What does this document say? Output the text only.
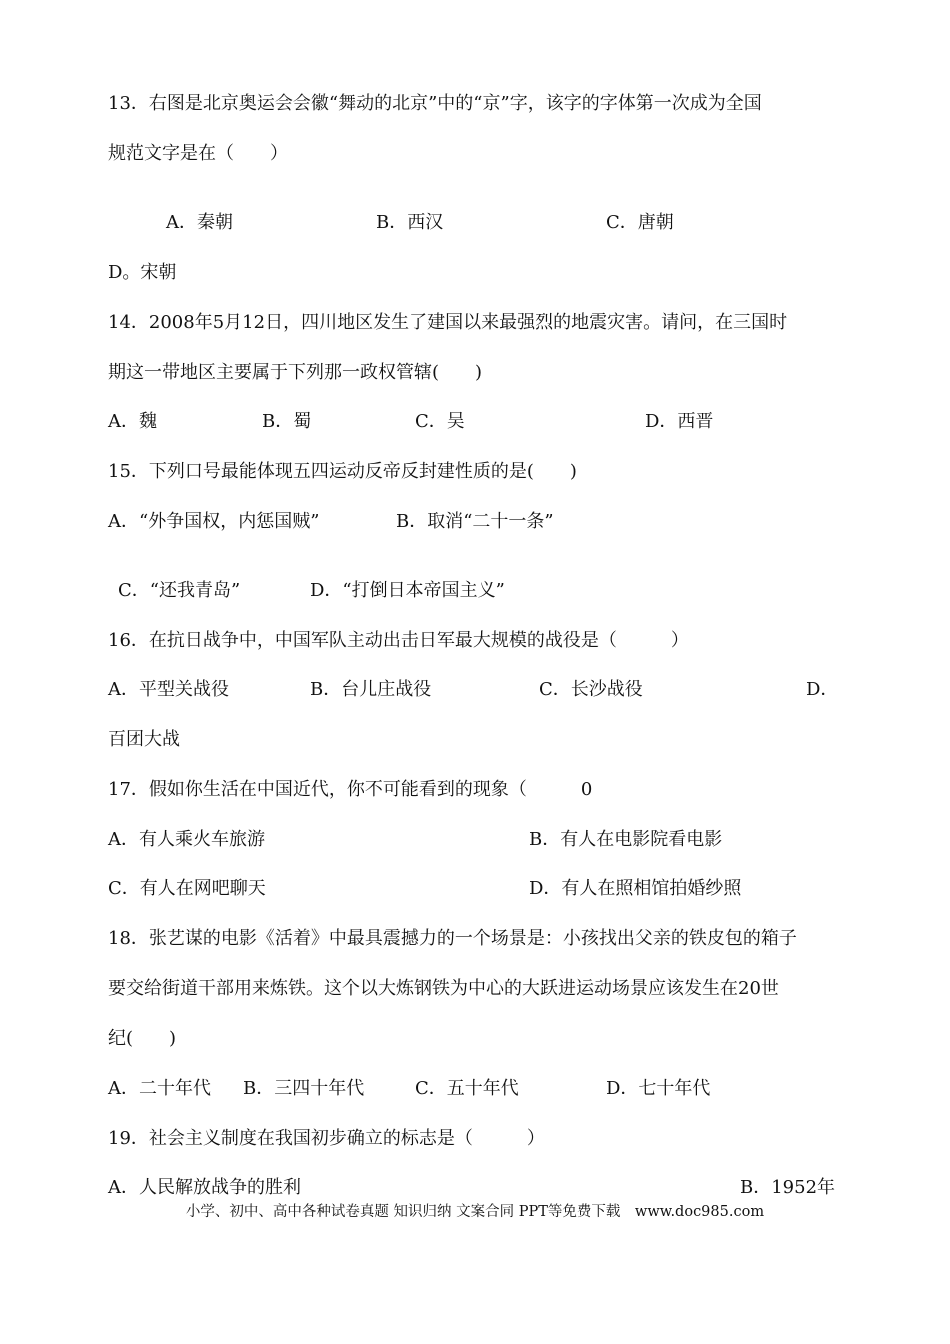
13．右图是北京奥运会会徽“舞动的北京”中的“京”字，该字的字体第一次成为全国
规范文字是在（　　）
A．秦朝	B．西汉	C．唐朝
D。宋朝
14．2008年5月12日，四川地区发生了建国以来最强烈的地震灾害。请问，在三国时
期这一带地区主要属于下列那一政权管辖(　　)
A．魏	B．蜀	C．吴	D．西晋
15．下列口号最能体现五四运动反帝反封建性质的是(　　)
A．“外争国权，内惩国贼”	B．取消“二十一条”
C．“还我青岛”	D．“打倒日本帝国主义”
16．在抗日战争中，中国军队主动出击日军最大规模的战役是（　　　）
A．平型关战役	B．台儿庄战役	C．长沙战役	D．
百团大战
17．假如你生活在中国近代，你不可能看到的现象（　　　0
A．有人乘火车旅游	B．有人在电影院看电影
C．有人在网吧聊天	D．有人在照相馆拍婚纱照
18．张艺谋的电影《活着》中最具震撼力的一个场景是：小孩找出父亲的铁皮包的箱子
要交给街道干部用来炼铁。这个以大炼钢铁为中心的大跃进运动场景应该发生在20世
纪(　　)
A．二十年代 B．三四十年代	C．五十年代	D．七十年代
19．社会主义制度在我国初步确立的标志是（　　　）
A．人民解放战争的胜利	B．1952年
小学、初中、高中各种试卷真题 知识归纳 文案合同 PPT等免费下载　www.doc985.com
